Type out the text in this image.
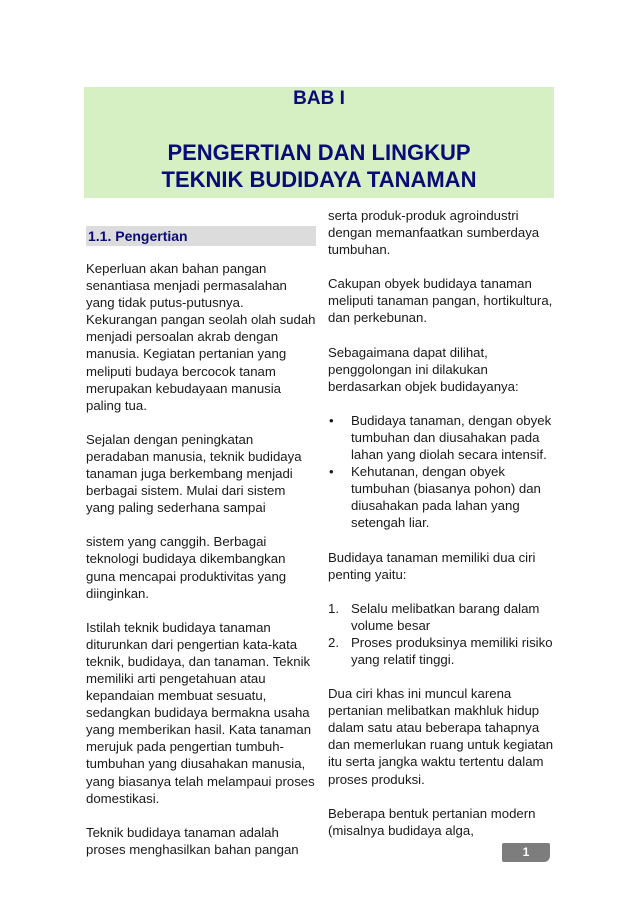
BAB I
PENGERTIAN DAN LINGKUP
TEKNIK BUDIDAYA TANAMAN
1.1. Pengertian

Keperluan akan bahan pangan senantiasa menjadi permasalahan yang tidak putus-putusnya. Kekurangan pangan seolah olah sudah menjadi persoalan akrab dengan manusia. Kegiatan pertanian yang meliputi budaya bercocok tanam merupakan kebudayaan manusia paling tua.

Sejalan dengan peningkatan peradaban manusia, teknik budidaya tanaman juga berkembang menjadi berbagai sistem. Mulai dari sistem yang paling sederhana sampai

sistem yang canggih. Berbagai teknologi budidaya dikembangkan guna mencapai produktivitas yang diinginkan.

Istilah teknik budidaya tanaman diturunkan dari pengertian kata-kata teknik, budidaya, dan tanaman. Teknik memiliki arti pengetahuan atau kepandaian membuat sesuatu, sedangkan budidaya bermakna usaha yang memberikan hasil. Kata tanaman merujuk pada pengertian tumbuh-tumbuhan yang diusahakan manusia, yang biasanya telah melampaui proses domestikasi.

Teknik budidaya tanaman adalah proses menghasilkan bahan pangan

serta produk-produk agroindustri dengan memanfaatkan sumberdaya tumbuhan.

Cakupan obyek budidaya tanaman meliputi tanaman pangan, hortikultura, dan perkebunan.

Sebagaimana dapat dilihat, penggolongan ini dilakukan berdasarkan objek budidayanya:

• Budidaya tanaman, dengan obyek tumbuhan dan diusahakan pada lahan yang diolah secara intensif.
• Kehutanan, dengan obyek tumbuhan (biasanya pohon) dan diusahakan pada lahan yang setengah liar.

Budidaya tanaman memiliki dua ciri penting yaitu:

1. Selalu melibatkan barang dalam volume besar
2. Proses produksinya memiliki risiko yang relatif tinggi.

Dua ciri khas ini muncul karena pertanian melibatkan makhluk hidup dalam satu atau beberapa tahapnya dan memerlukan ruang untuk kegiatan itu serta jangka waktu tertentu dalam proses produksi.

Beberapa bentuk pertanian modern (misalnya budidaya alga,

1
